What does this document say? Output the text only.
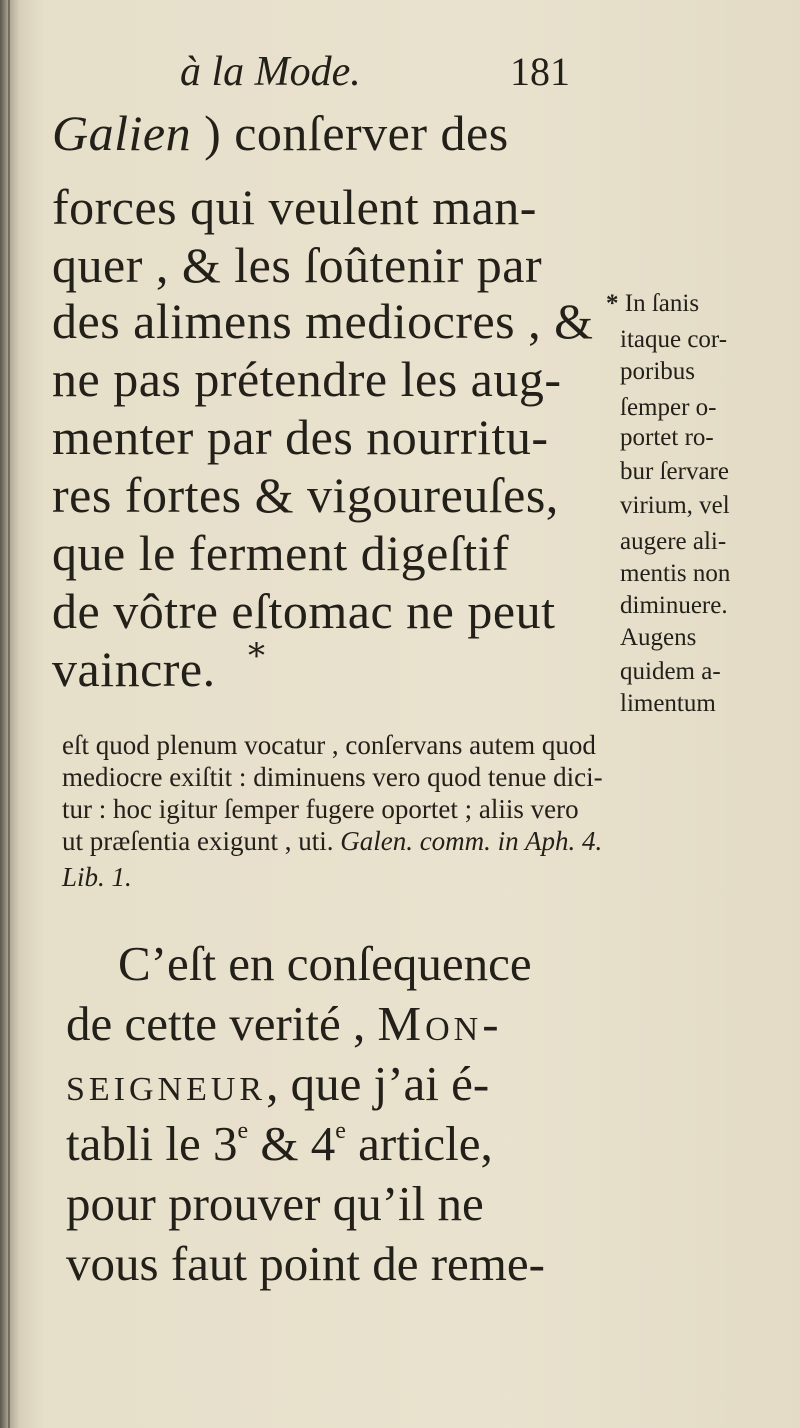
à la Mode.	181
Galien ) conſerver des
forces qui veulent man-
quer , & les ſoûtenir par
des alimens mediocres , &
ne pas prétendre les aug-
menter par des nourritu-
res fortes & vigoureuſes,
que le ferment digeſtif
de vôtre eſtomac ne peut
vaincre. *
* In ſanis
itaque cor-
poribus
ſemper o-
portet ro-
bur ſervare
virium, vel
augere ali-
mentis non
diminuere.
Augens
quidem a-
limentum
eſt quod plenum vocatur , conſervans autem quod
mediocre exiſtit : diminuens vero quod tenue dici-
tur : hoc igitur ſemper fugere oportet ; aliis vero
ut præſentia exigunt , uti. Galen. comm. in Aph. 4.
Lib. 1.
C’eſt en conſequence
de cette verité , Mon-
seigneur, que j’ai é-
tabli le 3e & 4e article,
pour prouver qu’il ne
vous faut point de reme-
